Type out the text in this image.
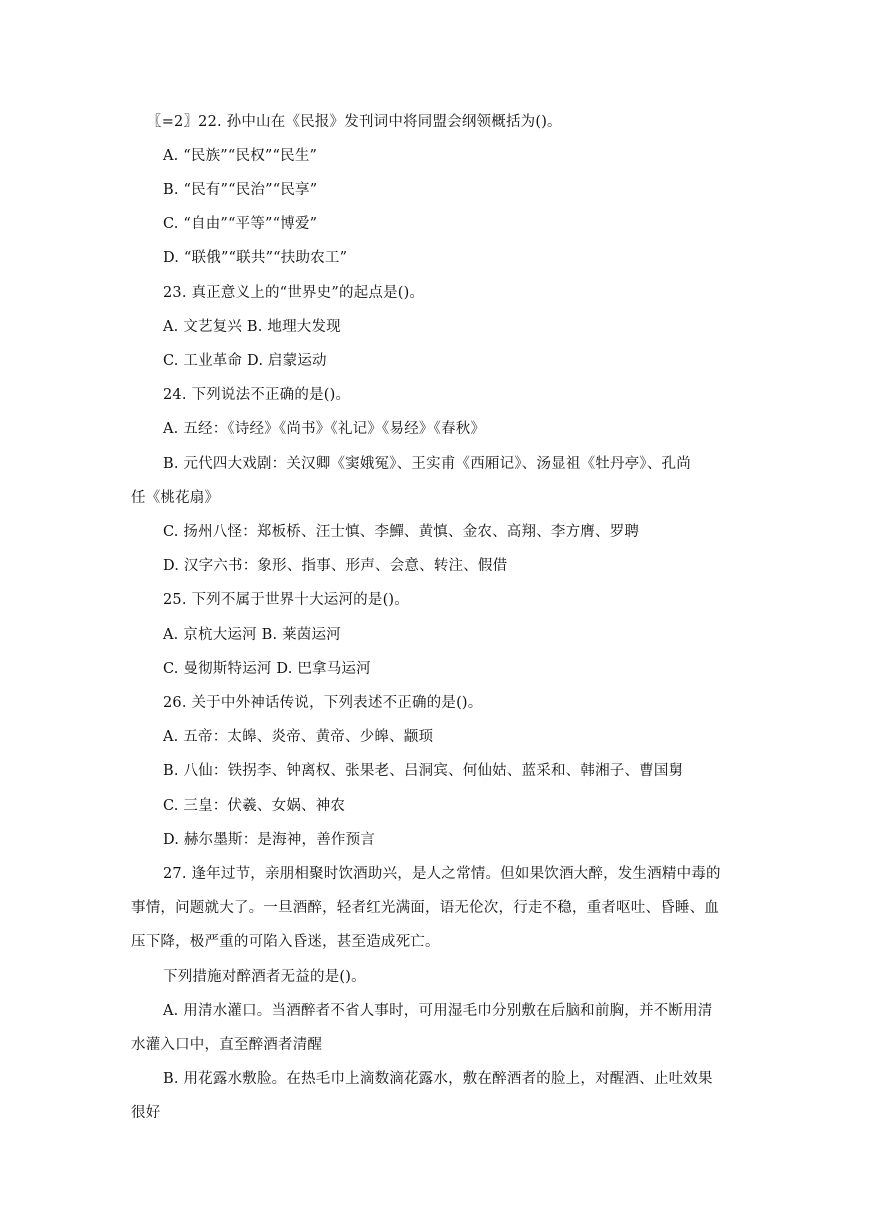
〖=2〗22. 孙中山在《民报》发刊词中将同盟会纲领概括为()。
A. “民族”“民权”“民生”
B. “民有”“民治”“民享”
C. “自由”“平等”“博爱”
D. “联俄”“联共”“扶助农工”
23. 真正意义上的“世界史”的起点是()。
A. 文艺复兴 B. 地理大发现
C. 工业革命 D. 启蒙运动
24. 下列说法不正确的是()。
A. 五经：《诗经》《尚书》《礼记》《易经》《春秋》
B. 元代四大戏剧：关汉卿《窦娥冤》、王实甫《西厢记》、汤显祖《牡丹亭》、孔尚
任《桃花扇》
C. 扬州八怪：郑板桥、汪士慎、李鱓、黄慎、金农、高翔、李方膺、罗聘
D. 汉字六书：象形、指事、形声、会意、转注、假借
25. 下列不属于世界十大运河的是()。
A. 京杭大运河 B. 莱茵运河
C. 曼彻斯特运河 D. 巴拿马运河
26. 关于中外神话传说，下列表述不正确的是()。
A. 五帝：太皞、炎帝、黄帝、少皞、颛顼
B. 八仙：铁拐李、钟离权、张果老、吕洞宾、何仙姑、蓝采和、韩湘子、曹国舅
C. 三皇：伏羲、女娲、神农
D. 赫尔墨斯：是海神，善作预言
27. 逢年过节，亲朋相聚时饮酒助兴，是人之常情。但如果饮酒大醉，发生酒精中毒的
事情，问题就大了。一旦酒醉，轻者红光满面，语无伦次，行走不稳，重者呕吐、昏睡、血
压下降，极严重的可陷入昏迷，甚至造成死亡。
下列措施对醉酒者无益的是()。
A. 用清水灌口。当酒醉者不省人事时，可用湿毛巾分别敷在后脑和前胸，并不断用清
水灌入口中，直至醉酒者清醒
B. 用花露水敷脸。在热毛巾上滴数滴花露水，敷在醉酒者的脸上，对醒酒、止吐效果
很好
